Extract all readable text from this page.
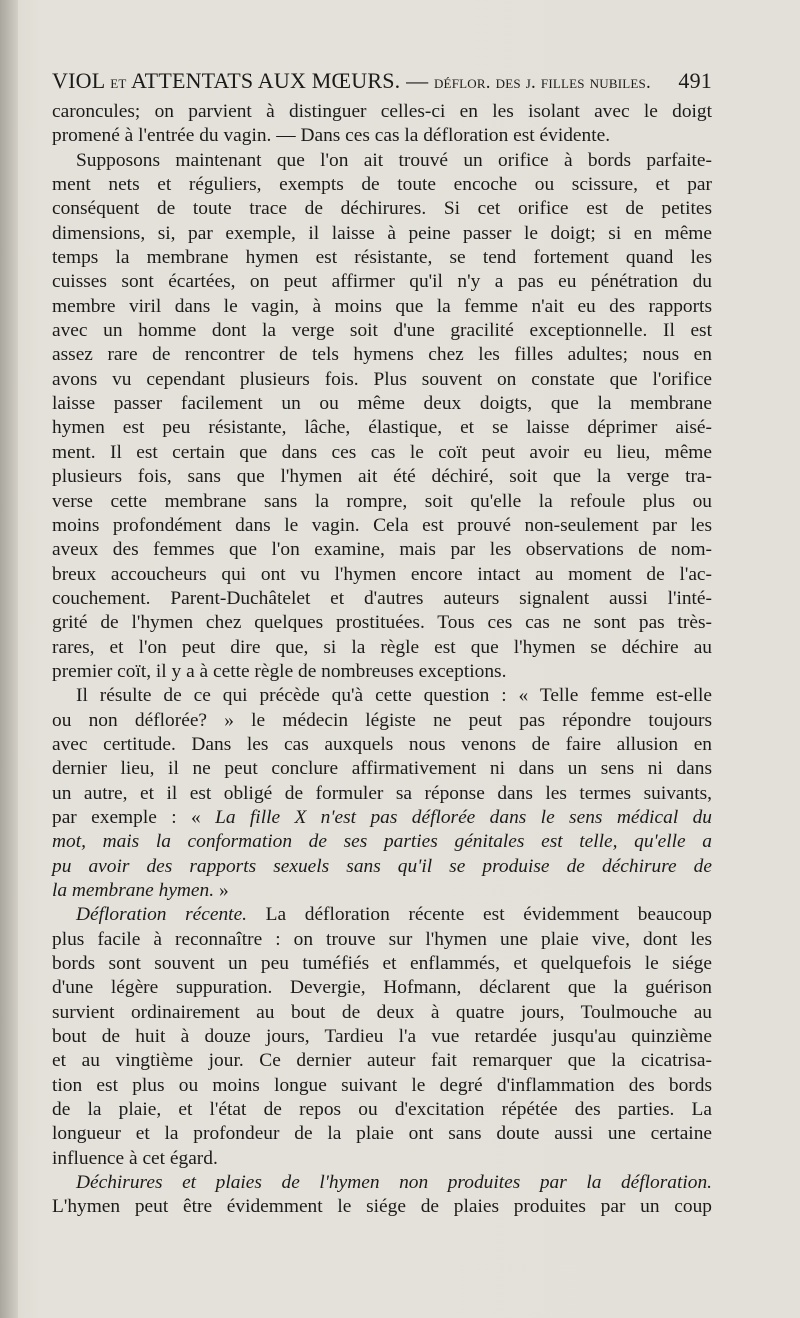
VIOL et ATTENTATS AUX MŒURS. — déflor. des j. filles nubiles. 491

caroncules; on parvient à distinguer celles-ci en les isolant avec le doigt

promené à l'entrée du vagin. — Dans ces cas la défloration est évidente.

Supposons maintenant que l'on ait trouvé un orifice à bords parfaite-

ment nets et réguliers, exempts de toute encoche ou scissure, et par

conséquent de toute trace de déchirures. Si cet orifice est de petites

dimensions, si, par exemple, il laisse à peine passer le doigt; si en même

temps la membrane hymen est résistante, se tend fortement quand les

cuisses sont écartées, on peut affirmer qu'il n'y a pas eu pénétration du

membre viril dans le vagin, à moins que la femme n'ait eu des rapports

avec un homme dont la verge soit d'une gracilité exceptionnelle. Il est

assez rare de rencontrer de tels hymens chez les filles adultes; nous en

avons vu cependant plusieurs fois. Plus souvent on constate que l'orifice

laisse passer facilement un ou même deux doigts, que la membrane

hymen est peu résistante, lâche, élastique, et se laisse déprimer aisé-

ment. Il est certain que dans ces cas le coït peut avoir eu lieu, même

plusieurs fois, sans que l'hymen ait été déchiré, soit que la verge tra-

verse cette membrane sans la rompre, soit qu'elle la refoule plus ou

moins profondément dans le vagin. Cela est prouvé non-seulement par les

aveux des femmes que l'on examine, mais par les observations de nom-

breux accoucheurs qui ont vu l'hymen encore intact au moment de l'ac-

couchement. Parent-Duchâtelet et d'autres auteurs signalent aussi l'inté-

grité de l'hymen chez quelques prostituées. Tous ces cas ne sont pas très-

rares, et l'on peut dire que, si la règle est que l'hymen se déchire au

premier coït, il y a à cette règle de nombreuses exceptions.

Il résulte de ce qui précède qu'à cette question : « Telle femme est-elle

ou non déflorée? » le médecin légiste ne peut pas répondre toujours

avec certitude. Dans les cas auxquels nous venons de faire allusion en

dernier lieu, il ne peut conclure affirmativement ni dans un sens ni dans

un autre, et il est obligé de formuler sa réponse dans les termes suivants,

par exemple : « La fille X n'est pas déflorée dans le sens médical du

mot, mais la conformation de ses parties génitales est telle, qu'elle a

pu avoir des rapports sexuels sans qu'il se produise de déchirure de

la membrane hymen. »

Défloration récente. La défloration récente est évidemment beaucoup

plus facile à reconnaître : on trouve sur l'hymen une plaie vive, dont les

bords sont souvent un peu tuméfiés et enflammés, et quelquefois le siége

d'une légère suppuration. Devergie, Hofmann, déclarent que la guérison

survient ordinairement au bout de deux à quatre jours, Toulmouche au

bout de huit à douze jours, Tardieu l'a vue retardée jusqu'au quinzième

et au vingtième jour. Ce dernier auteur fait remarquer que la cicatrisa-

tion est plus ou moins longue suivant le degré d'inflammation des bords

de la plaie, et l'état de repos ou d'excitation répétée des parties. La

longueur et la profondeur de la plaie ont sans doute aussi une certaine

influence à cet égard.

Déchirures et plaies de l'hymen non produites par la défloration.

L'hymen peut être évidemment le siége de plaies produites par un coup
